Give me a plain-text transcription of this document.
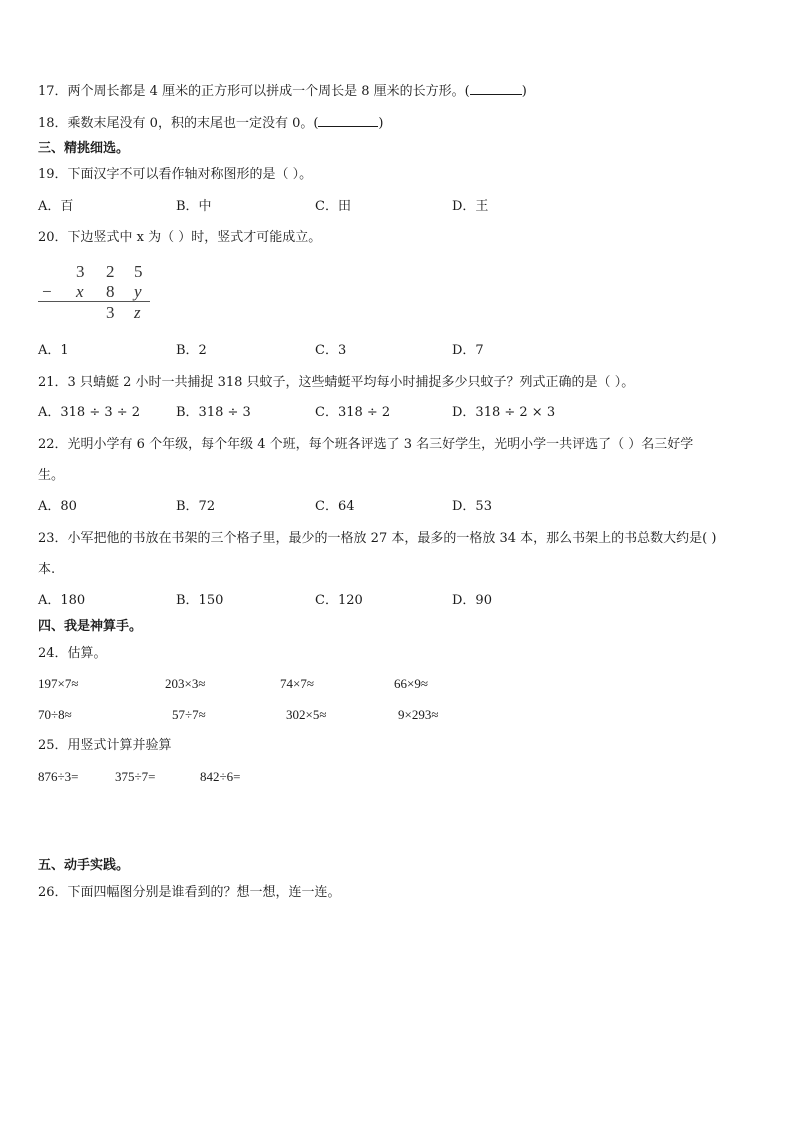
17．两个周长都是 4 厘米的正方形可以拼成一个周长是 8 厘米的长方形。(	)
18．乘数末尾没有 0，积的末尾也一定没有 0。(	)
三、精挑细选。
19．下面汉字不可以看作轴对称图形的是（ ）。
A．百	B．中	C．田	D．王
20．下边竖式中 x 为（ ）时，竖式才可能成立。
3 2 5
− x 8 y
3 z
A．1	B．2	C．3	D．7
21．3 只蜻蜓 2 小时一共捕捉 318 只蚊子，这些蜻蜓平均每小时捕捉多少只蚊子？列式正确的是（ ）。
A．318 ÷ 3 ÷ 2	B．318 ÷ 3	C．318 ÷ 2	D．318 ÷ 2 × 3
22．光明小学有 6 个年级，每个年级 4 个班，每个班各评选了 3 名三好学生，光明小学一共评选了（ ）名三好学
生。
A．80	B．72	C．64	D．53
23．小军把他的书放在书架的三个格子里，最少的一格放 27 本，最多的一格放 34 本，那么书架上的书总数大约是( )
本.
A．180	B．150	C．120	D．90
四、我是神算手。
24．估算。
197×7≈	203×3≈	74×7≈	66×9≈
70÷8≈	57÷7≈	302×5≈	9×293≈
25．用竖式计算并验算
876÷3=	375÷7=	842÷6=
五、动手实践。
26．下面四幅图分别是谁看到的？想一想，连一连。
